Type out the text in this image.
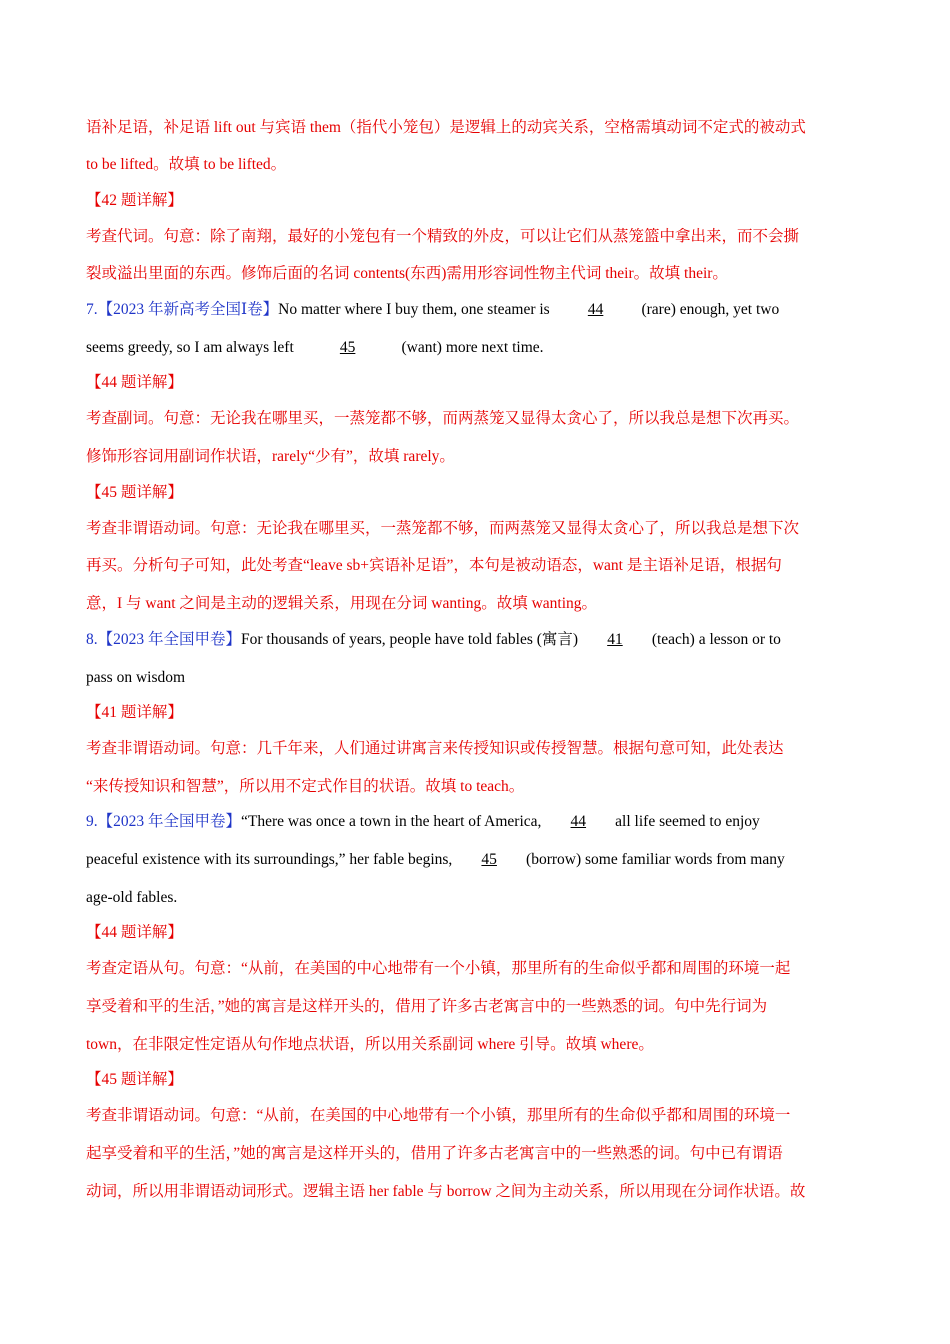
语补足语，补足语 lift out 与宾语 them（指代小笼包）是逻辑上的动宾关系，空格需填动词不定式的被动式
to be lifted。故填 to be lifted。
【42 题详解】
考查代词。句意：除了南翔，最好的小笼包有一个精致的外皮，可以让它们从蒸笼篮中拿出来，而不会撕
裂或溢出里面的东西。修饰后面的名词 contents(东西)需用形容词性物主代词 their。故填 their。
7.【2023 年新高考全国Ⅰ卷】No matter where I buy them, one steamer is 44 (rare) enough, yet two
seems greedy, so I am always left	45	(want) more next time.
【44 题详解】
考查副词。句意：无论我在哪里买，一蒸笼都不够，而两蒸笼又显得太贪心了，所以我总是想下次再买。
修饰形容词用副词作状语，rarely“少有”，故填 rarely。
【45 题详解】
考查非谓语动词。句意：无论我在哪里买，一蒸笼都不够，而两蒸笼又显得太贪心了，所以我总是想下次
再买。分析句子可知，此处考查“leave sb+宾语补足语”，本句是被动语态，want 是主语补足语，根据句
意，I 与 want 之间是主动的逻辑关系，用现在分词 wanting。故填 wanting。
8.【2023 年全国甲卷】For thousands of years, people have told fables (寓言) 41 (teach) a lesson or to
pass on wisdom
【41 题详解】
考查非谓语动词。句意：几千年来，人们通过讲寓言来传授知识或传授智慧。根据句意可知，此处表达
“来传授知识和智慧”，所以用不定式作目的状语。故填 to teach。
9.【2023 年全国甲卷】“There was once a town in the heart of America, 44 all life seemed to enjoy
peaceful existence with its surroundings,” her fable begins, 45 (borrow) some familiar words from many
age-old fables.
【44 题详解】
考查定语从句。句意：“从前，在美国的中心地带有一个小镇，那里所有的生命似乎都和周围的环境一起
享受着和平的生活，”她的寓言是这样开头的，借用了许多古老寓言中的一些熟悉的词。句中先行词为
town，在非限定性定语从句作地点状语，所以用关系副词 where 引导。故填 where。
【45 题详解】
考查非谓语动词。句意：“从前，在美国的中心地带有一个小镇，那里所有的生命似乎都和周围的环境一
起享受着和平的生活，”她的寓言是这样开头的，借用了许多古老寓言中的一些熟悉的词。句中已有谓语
动词，所以用非谓语动词形式。逻辑主语 her fable 与 borrow 之间为主动关系，所以用现在分词作状语。故
